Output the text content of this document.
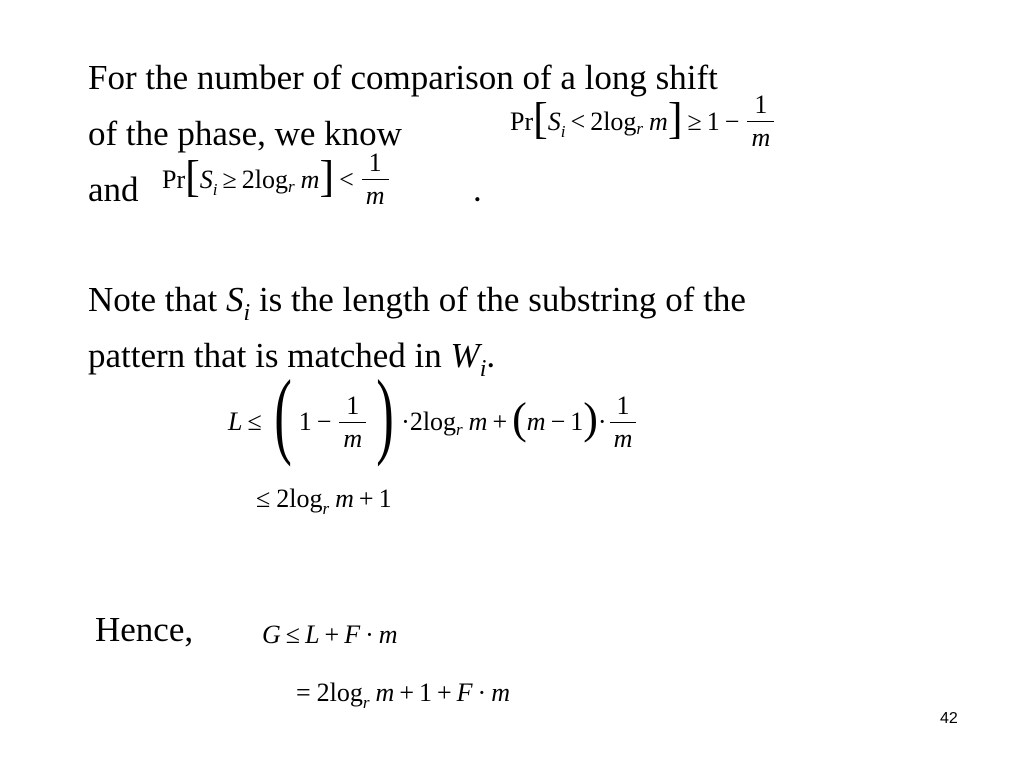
For the number of comparison of a long shift
of the phase, we know	$Pr[S_i < 2\log r$ $m] \ge 1 - \frac{1}{m}$
and $Pr[S_i \ge 2\log r$ $m] < \frac{1}{m}$ .
Note that $S_i$ is the length of the substring of the
pattern that is matched in $W_i$.
L ≤ ( $1 - \frac{1}{m}$ ) ·2logr $m + (m - 1)\cdot \frac{1}{m}$
≤ $2\log_r$ m + 1
Hence,	G ≤ L + F · m
= $2\log_r$ m + 1 + F · m
42
